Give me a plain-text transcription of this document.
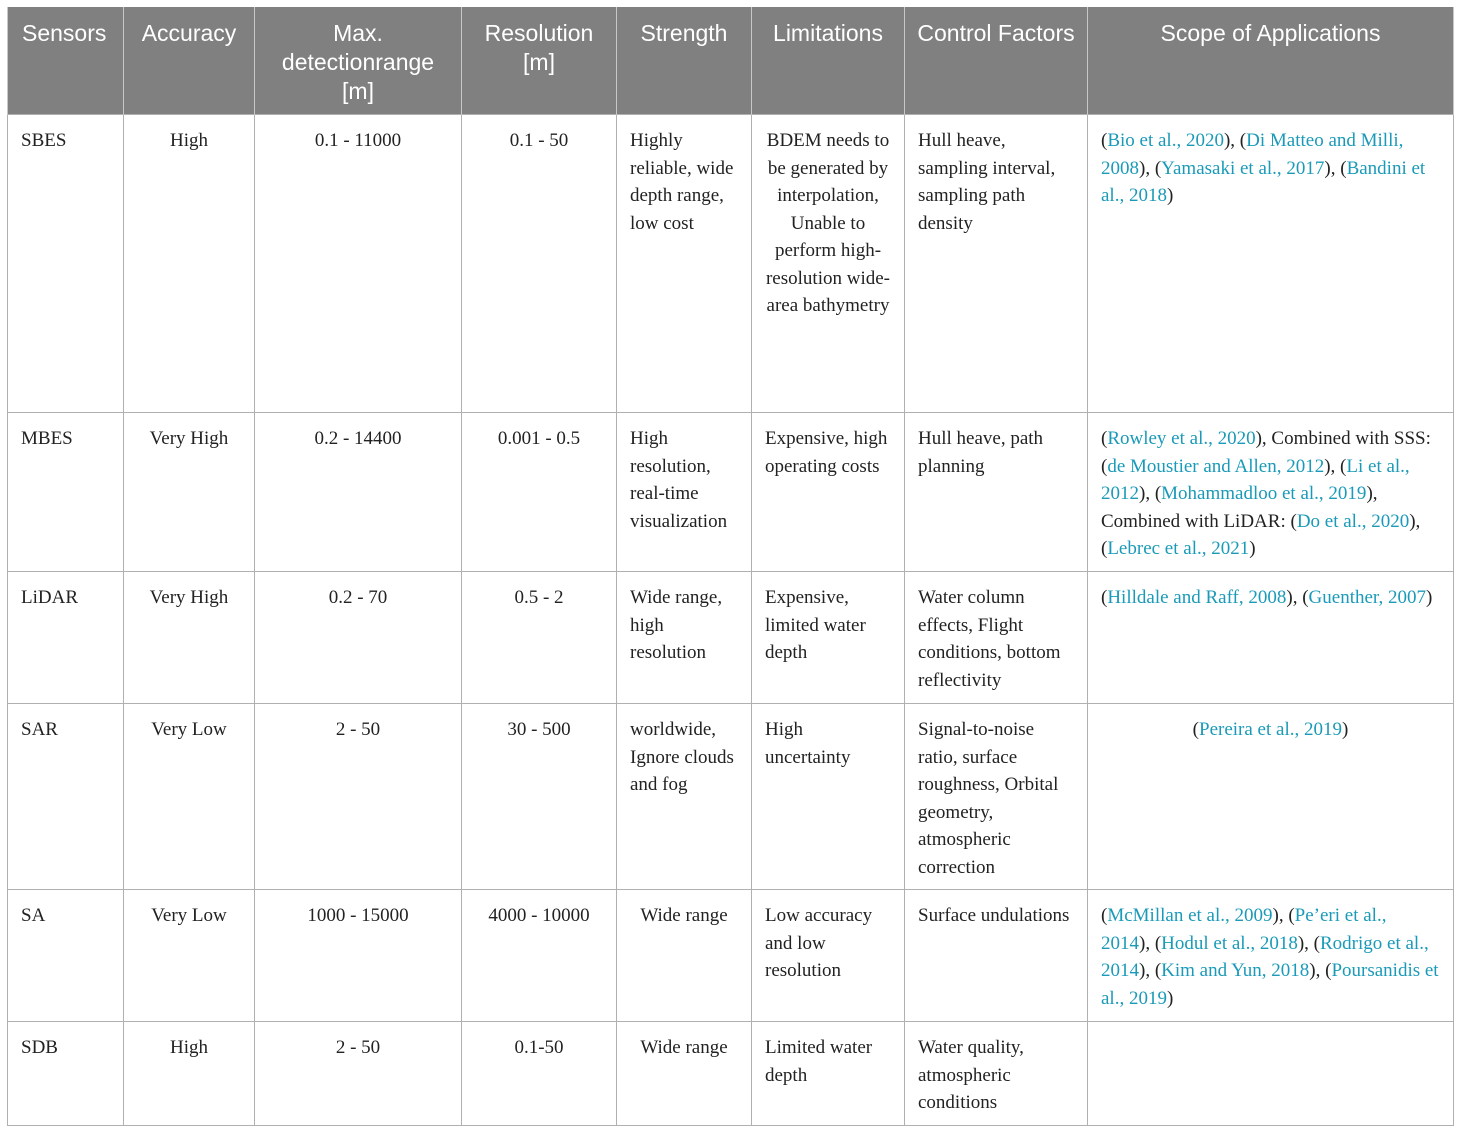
Sensors	Accuracy	Max. detectionrange [m]	Resolution [m]	Strength	Limitations	Control Factors	Scope of Applications
SBES	High	0.1 - 11000	0.1 - 50	Highly reliable, wide depth range, low cost	BDEM needs to be generated by interpolation, Unable to perform high-resolution wide-area bathymetry	Hull heave, sampling interval, sampling path density	(Bio et al., 2020), (Di Matteo and Milli, 2008), (Yamasaki et al., 2017), (Bandini et al., 2018)
MBES	Very High	0.2 - 14400	0.001 - 0.5	High resolution, real-time visualization	Expensive, high operating costs	Hull heave, path planning	(Rowley et al., 2020), Combined with SSS: (de Moustier and Allen, 2012), (Li et al., 2012), (Mohammadloo et al., 2019), Combined with LiDAR: (Do et al., 2020), (Lebrec et al., 2021)
LiDAR	Very High	0.2 - 70	0.5 - 2	Wide range, high resolution	Expensive, limited water depth	Water column effects, Flight conditions, bottom reflectivity	(Hilldale and Raff, 2008), (Guenther, 2007)
SAR	Very Low	2 - 50	30 - 500	worldwide, Ignore clouds and fog	High uncertainty	Signal-to-noise ratio, surface roughness, Orbital geometry, atmospheric correction	(Pereira et al., 2019)
SA	Very Low	1000 - 15000	4000 - 10000	Wide range	Low accuracy and low resolution	Surface undulations	(McMillan et al., 2009), (Pe’eri et al., 2014), (Hodul et al., 2018), (Rodrigo et al., 2014), (Kim and Yun, 2018), (Poursanidis et al., 2019)
SDB	High	2 - 50	0.1-50	Wide range	Limited water depth	Water quality, atmospheric conditions	
